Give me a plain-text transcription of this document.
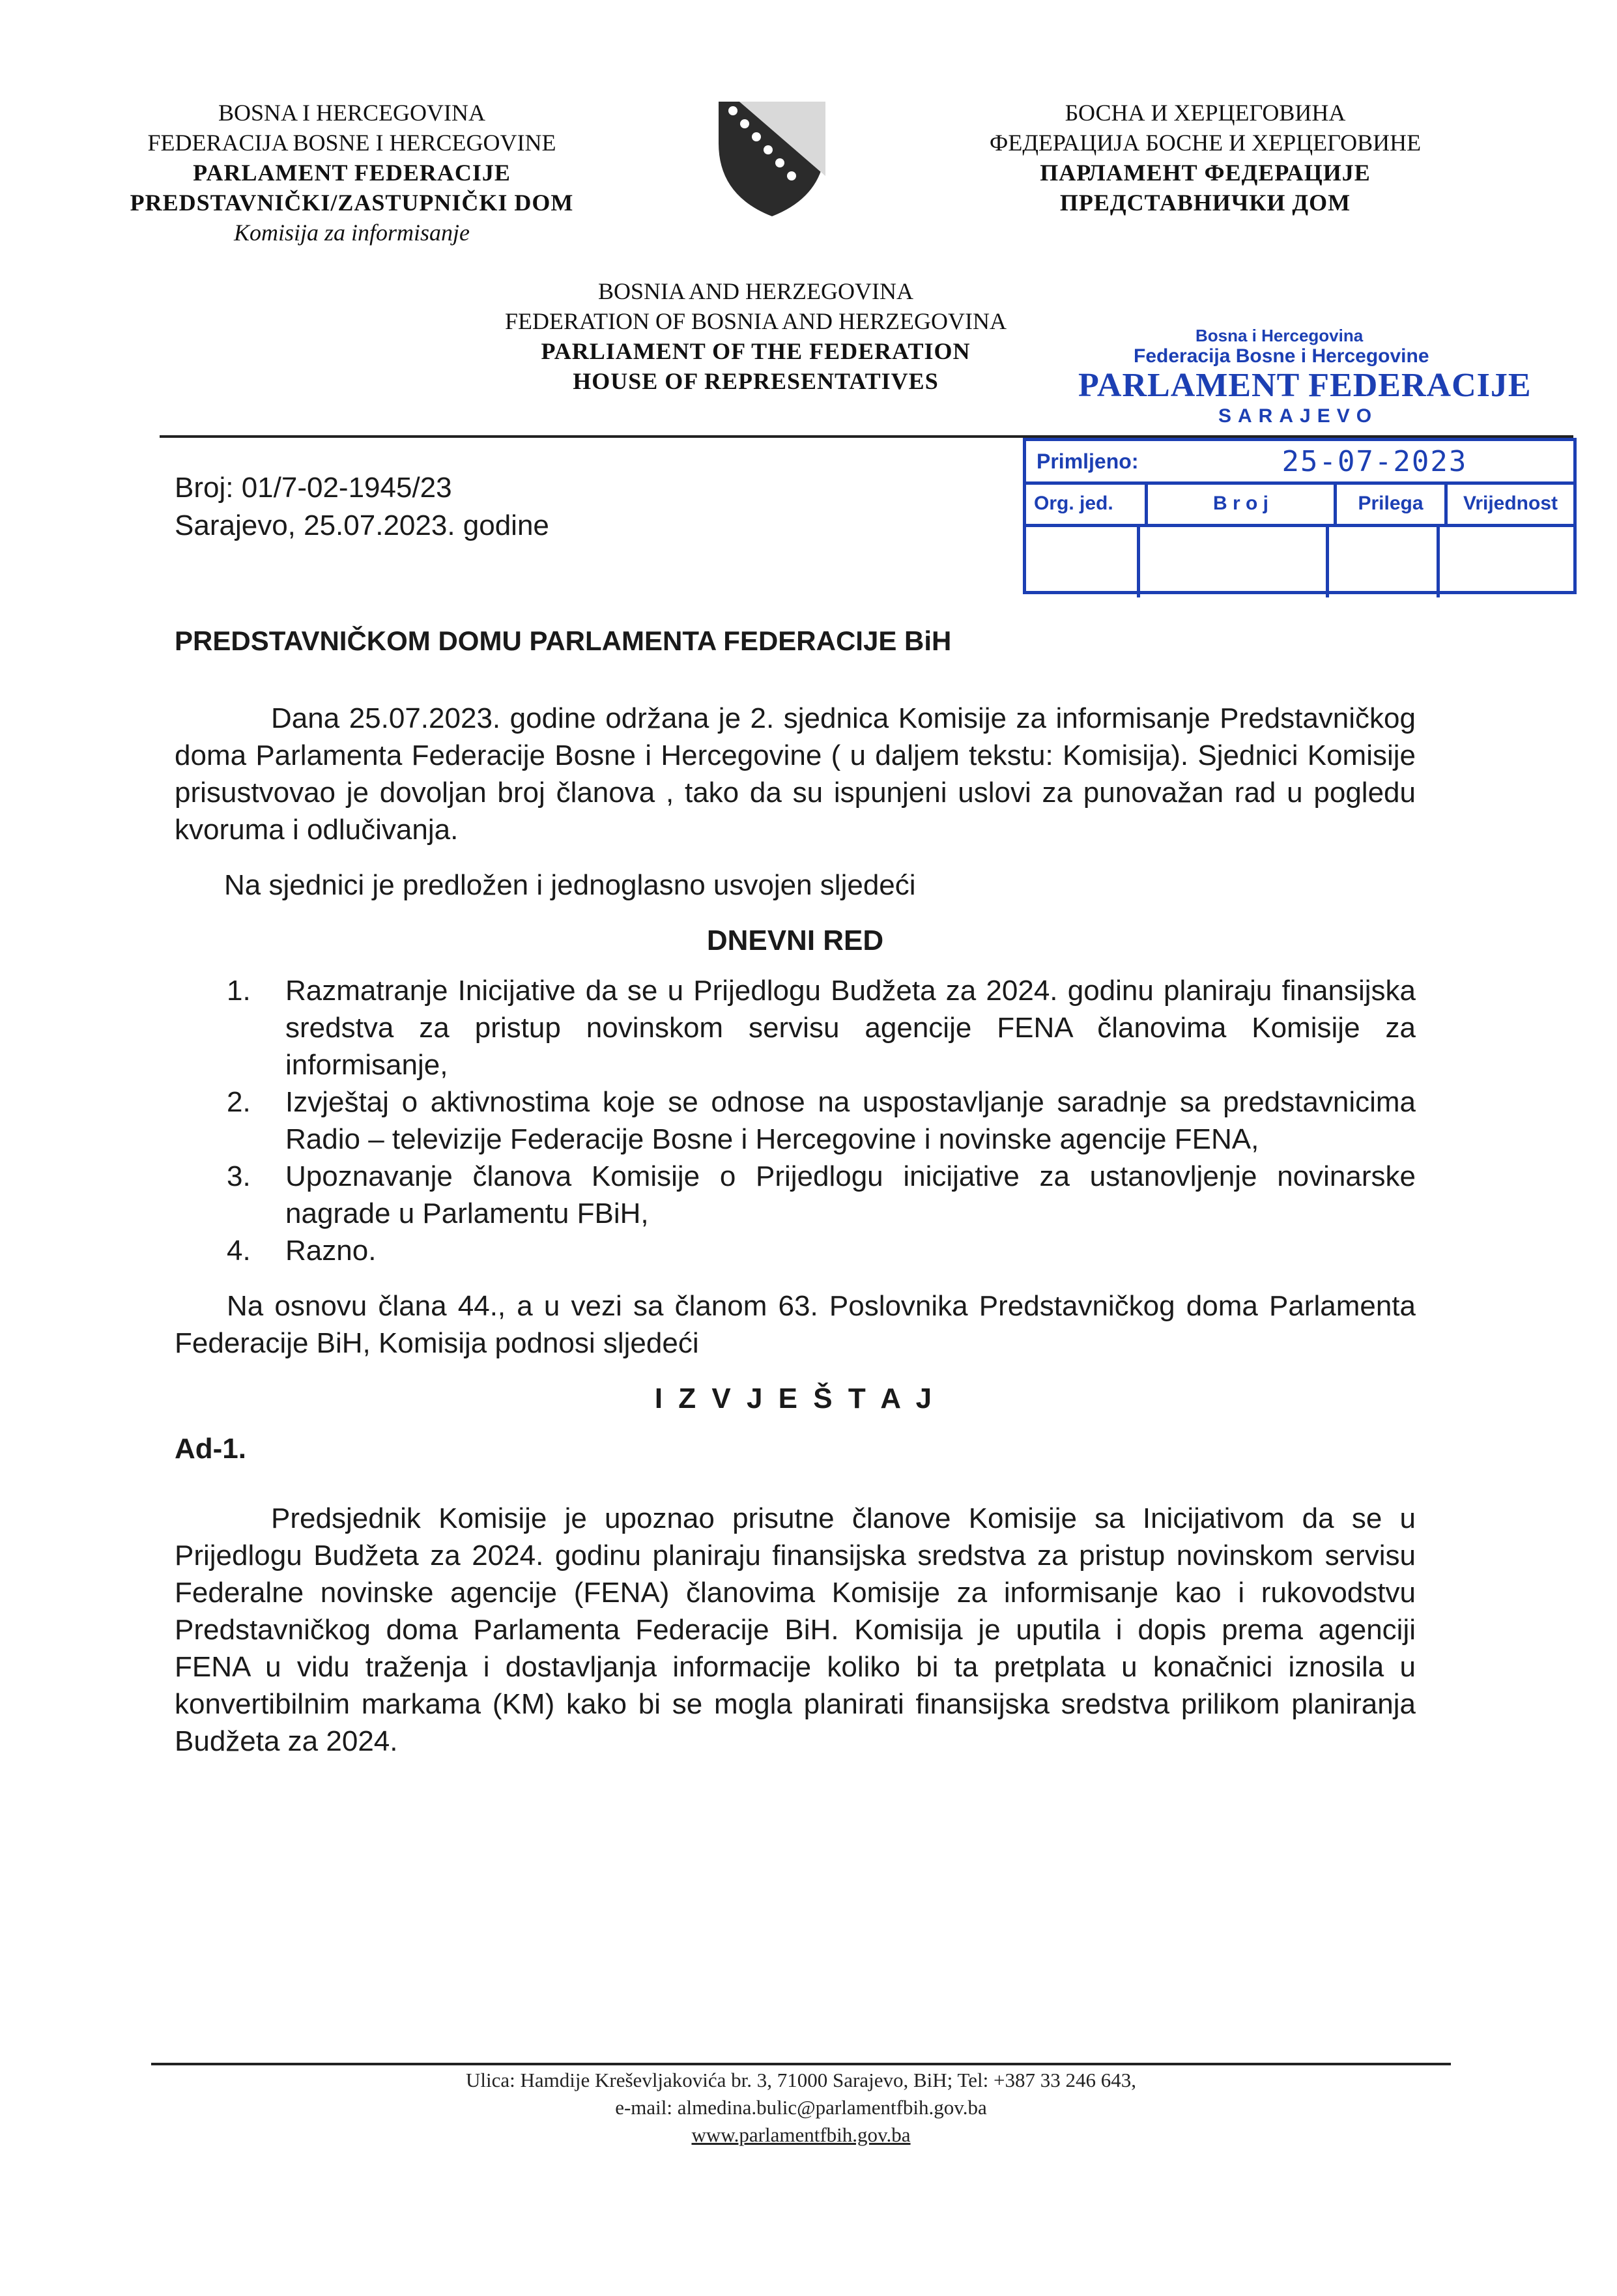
BOSNA I HERCEGOVINA
FEDERACIJA BOSNE I HERCEGOVINE
PARLAMENT FEDERACIJE
PREDSTAVNIČKI/ZASTUPNIČKI DOM
Komisija za informisanje
БОСНА И ХЕРЦЕГОВИНА
ФЕДЕРАЦИЈА БОСНЕ И ХЕРЦЕГОВИНЕ
ПАРЛАМЕНТ ФЕДЕРАЦИЈЕ
ПРЕДСТАВНИЧКИ ДОМ
BOSNIA AND HERZEGOVINA
FEDERATION OF BOSNIA AND HERZEGOVINA
PARLIAMENT OF THE FEDERATION
HOUSE OF REPRESENTATIVES
Bosna i Hercegovina
Federacija Bosne i Hercegovine
PARLAMENT FEDERACIJE
SARAJEVO
Primljeno:	25-07-2023
Org. jed.	B r o j	Prilega	Vrijednost
Broj: 01/7-02-1945/23
Sarajevo, 25.07.2023. godine
PREDSTAVNIČKOM DOMU PARLAMENTA FEDERACIJE BiH
Dana 25.07.2023. godine održana je 2. sjednica Komisije za informisanje Predstavničkog doma Parlamenta Federacije Bosne i Hercegovine ( u daljem tekstu: Komisija). Sjednici Komisije prisustvovao je dovoljan broj članova , tako da su ispunjeni uslovi za punovažan rad u pogledu kvoruma i odlučivanja.
Na sjednici je predložen i jednoglasno usvojen sljedeći
DNEVNI RED
1.	Razmatranje Inicijative da se u Prijedlogu Budžeta za 2024. godinu planiraju finansijska sredstva za pristup novinskom servisu agencije FENA članovima Komisije za informisanje,
2.	Izvještaj o aktivnostima koje se odnose na uspostavljanje saradnje sa predstavnicima Radio – televizije Federacije Bosne i Hercegovine i novinske agencije FENA,
3.	Upoznavanje članova Komisije o Prijedlogu inicijative za ustanovljenje novinarske nagrade u Parlamentu FBiH,
4.	Razno.
Na osnovu člana 44., a u vezi sa članom 63. Poslovnika Predstavničkog doma Parlamenta Federacije BiH, Komisija podnosi sljedeći
I Z V J E Š T A J
Ad-1.
Predsjednik Komisije je upoznao prisutne članove Komisije sa Inicijativom da se u Prijedlogu Budžeta za 2024. godinu planiraju finansijska sredstva za pristup novinskom servisu Federalne novinske agencije (FENA) članovima Komisije za informisanje kao i rukovodstvu Predstavničkog doma Parlamenta Federacije BiH. Komisija je uputila i dopis prema agenciji FENA u vidu traženja i dostavljanja informacije koliko bi ta pretplata u konačnici iznosila u konvertibilnim markama (KM) kako bi se mogla planirati finansijska sredstva prilikom planiranja Budžeta za 2024.
Ulica: Hamdije Kreševljakovića br. 3, 71000 Sarajevo, BiH; Tel: +387 33 246 643,
e-mail: almedina.bulic@parlamentfbih.gov.ba
www.parlamentfbih.gov.ba
